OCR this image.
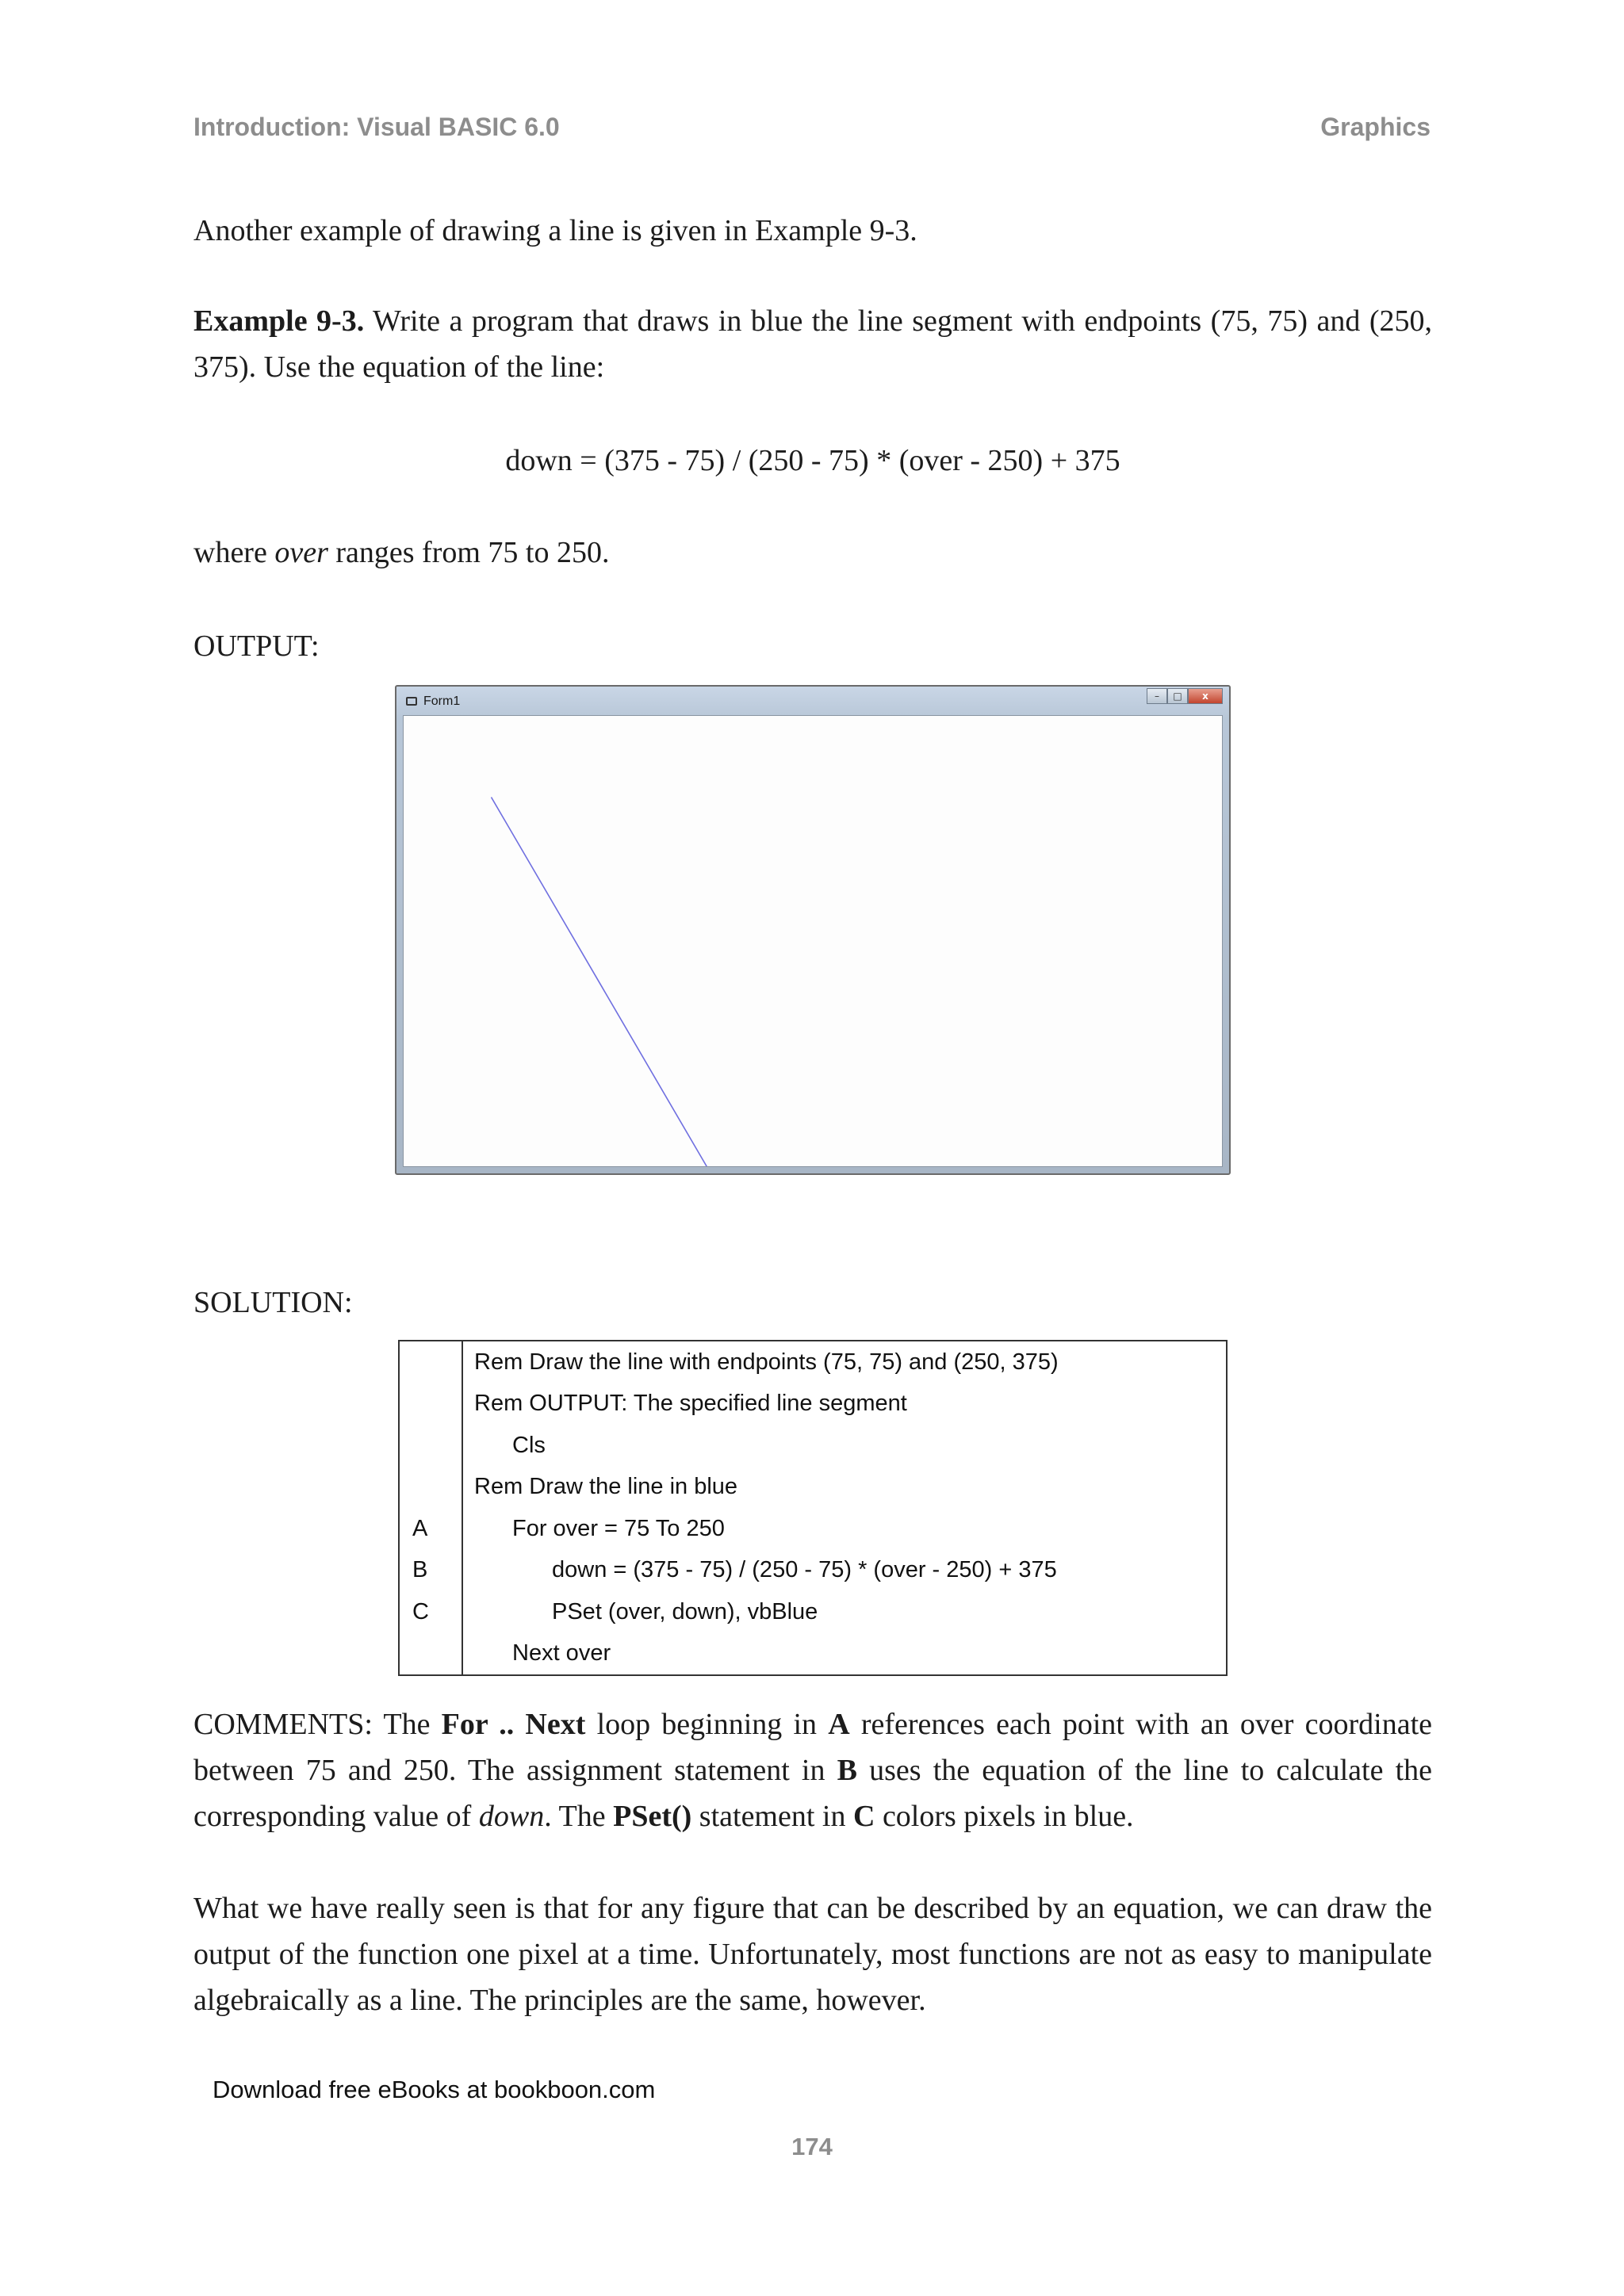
Introduction: Visual BASIC 6.0	Graphics

Another example of drawing a line is given in Example 9-3.

Example 9-3. Write a program that draws in blue the line segment with endpoints (75, 75) and (250, 375). Use the equation of the line:

down = (375 - 75) / (250 - 75) * (over - 250) + 375

where over ranges from 75 to 250.

OUTPUT:

Form1	–	□	x

SOLUTION:

	Rem Draw the line with endpoints (75, 75) and (250, 375)
	Rem OUTPUT: The specified line segment
	Cls
	Rem Draw the line in blue
A	For over = 75 To 250
B	down = (375 - 75) / (250 - 75) * (over - 250) + 375
C	PSet (over, down), vbBlue
	Next over

COMMENTS: The For .. Next loop beginning in A references each point with an over coordinate between 75 and 250. The assignment statement in B uses the equation of the line to calculate the corresponding value of down. The PSet() statement in C colors pixels in blue.

What we have really seen is that for any figure that can be described by an equation, we can draw the output of the function one pixel at a time. Unfortunately, most functions are not as easy to manipulate algebraically as a line. The principles are the same, however.

Download free eBooks at bookboon.com
174
